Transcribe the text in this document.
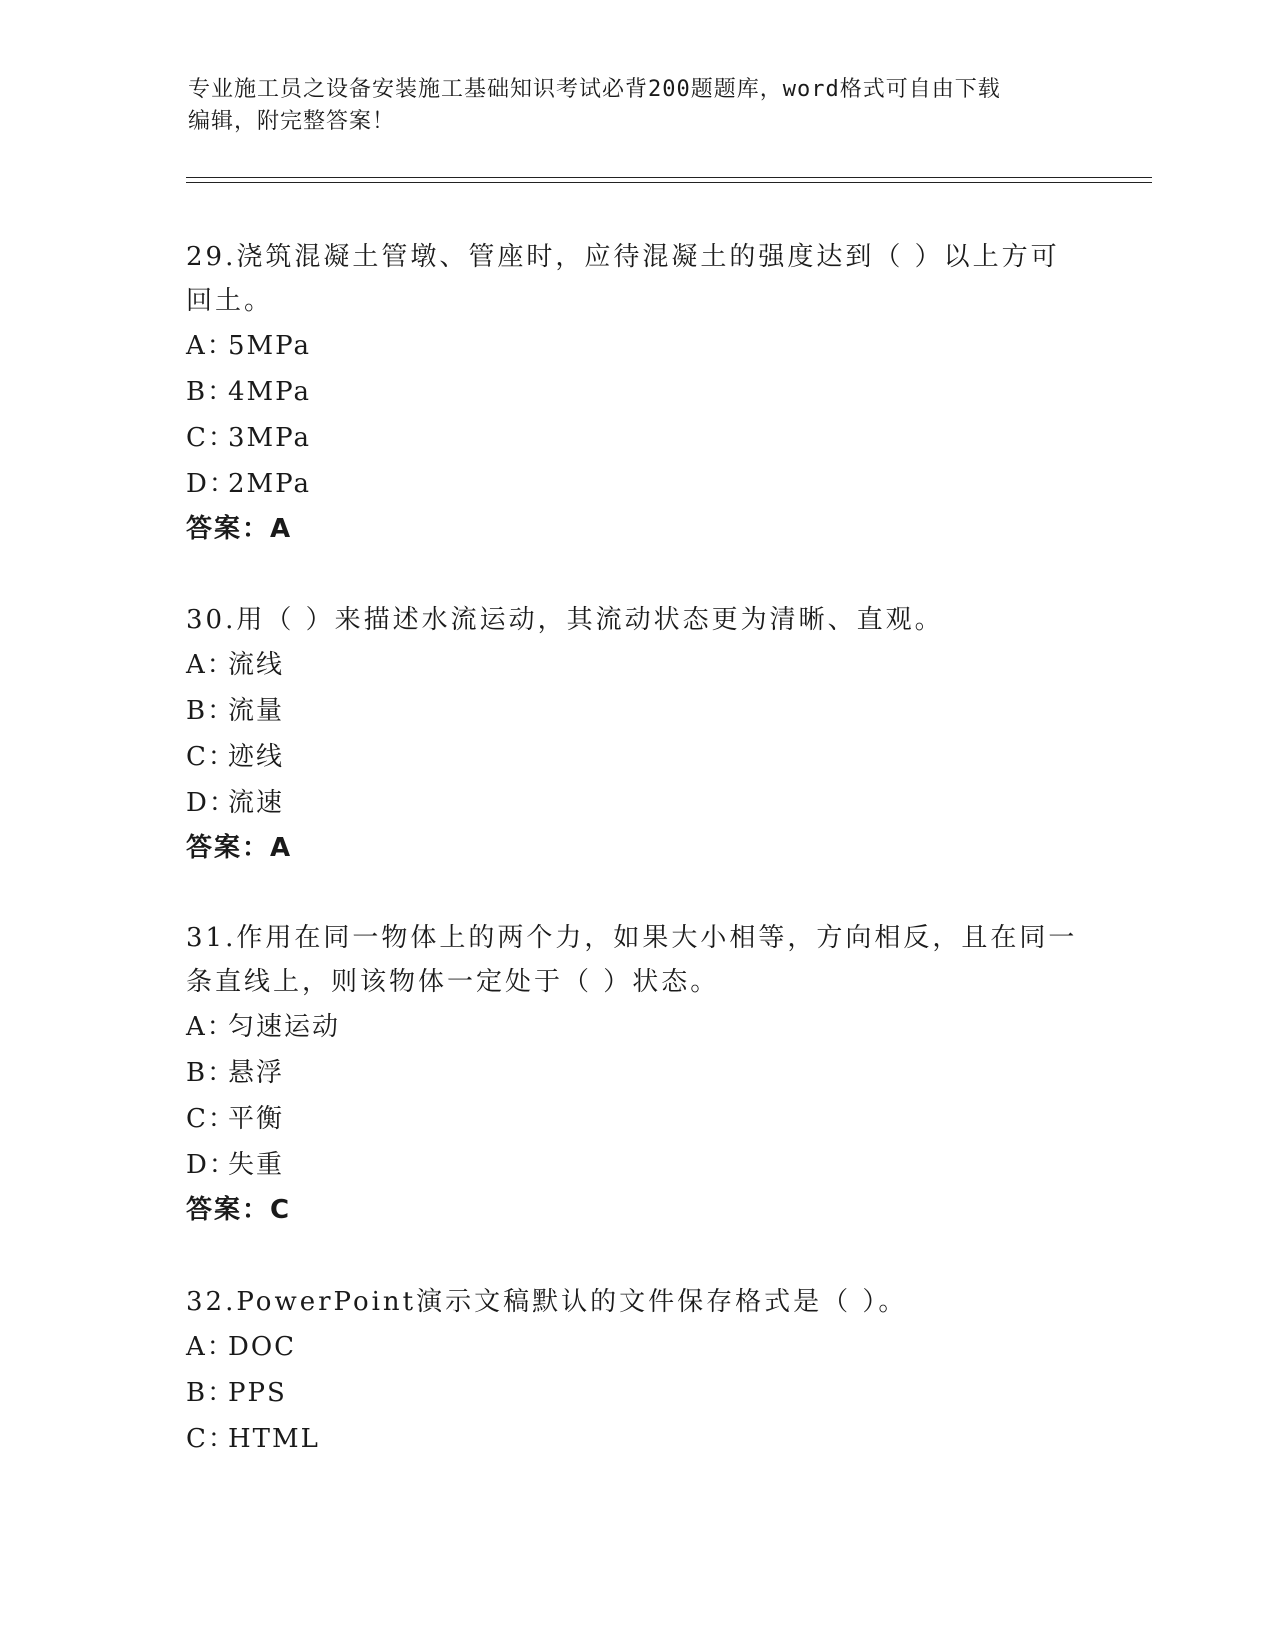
专业施工员之设备安装施工基础知识考试必背200题题库，word格式可自由下载
编辑，附完整答案！
29.浇筑混凝土管墩、管座时，应待混凝土的强度达到（ ）以上方可
回土。
A：5MPa
B：4MPa
C：3MPa
D：2MPa
答案：A
30.用（ ）来描述水流运动，其流动状态更为清晰、直观。
A：流线
B：流量
C：迹线
D：流速
答案：A
31.作用在同一物体上的两个力，如果大小相等，方向相反，且在同一
条直线上，则该物体一定处于（ ）状态。
A：匀速运动
B：悬浮
C：平衡
D：失重
答案：C
32.PowerPoint演示文稿默认的文件保存格式是（ ）。
A：DOC
B：PPS
C：HTML
